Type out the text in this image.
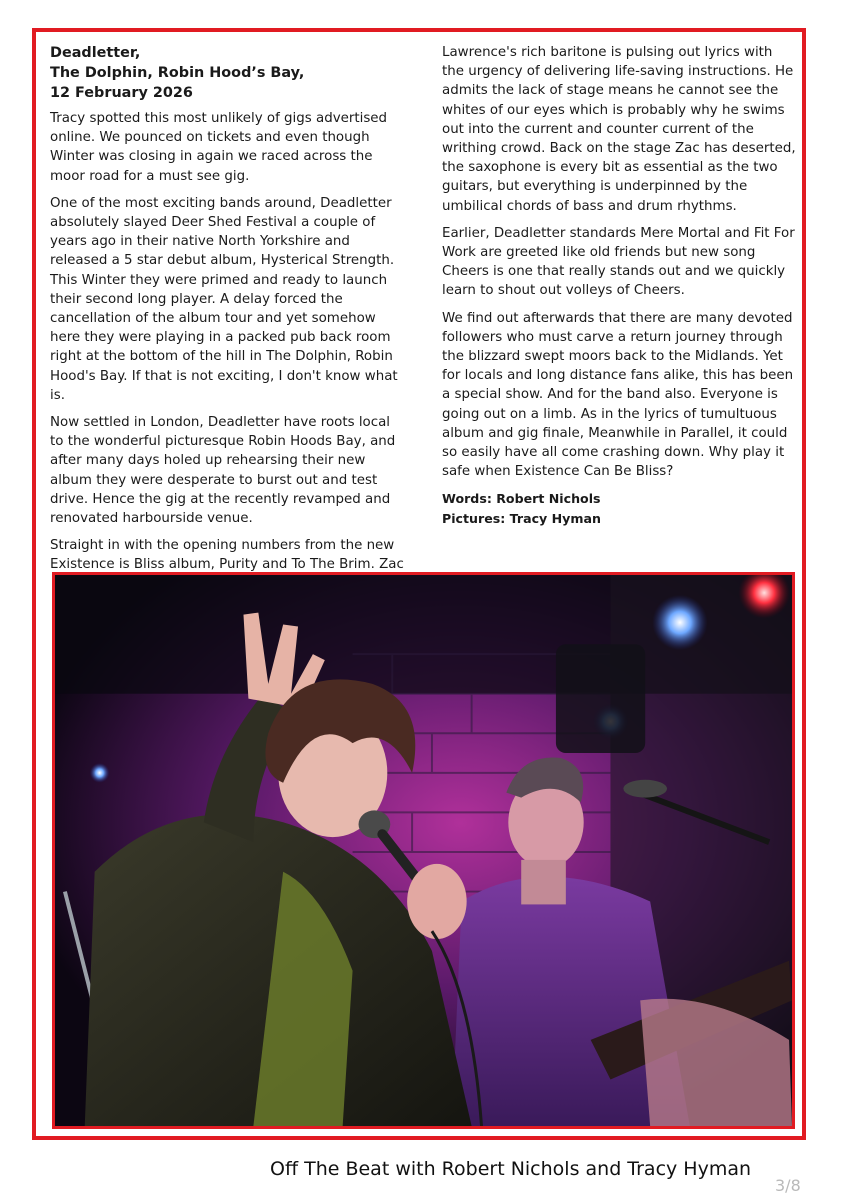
Deadletter,
The Dolphin, Robin Hood’s Bay,
12 February 2026

Tracy spotted this most unlikely of gigs advertised online. We pounced on tickets and even though Winter was closing in again we raced across the moor road for a must see gig.

One of the most exciting bands around, Deadletter absolutely slayed Deer Shed Festival a couple of years ago in their native North Yorkshire and released a 5 star debut album, Hysterical Strength. This Winter they were primed and ready to launch their second long player. A delay forced the cancellation of the album tour and yet somehow here they were playing in a packed pub back room right at the bottom of the hill in The Dolphin, Robin Hood's Bay. If that is not exciting, I don't know what is.

Now settled in London, Deadletter have roots local to the wonderful picturesque Robin Hoods Bay, and after many days holed up rehearsing their new album they were desperate to burst out and test drive. Hence the gig at the recently revamped and renovated harbourside venue.

Straight in with the opening numbers from the new Existence is Bliss album, Purity and To The Brim. Zac

Lawrence's rich baritone is pulsing out lyrics with the urgency of delivering life-saving instructions. He admits the lack of stage means he cannot see the whites of our eyes which is probably why he swims out into the current and counter current of the writhing crowd. Back on the stage Zac has deserted, the saxophone is every bit as essential as the two guitars, but everything is underpinned by the umbilical chords of bass and drum rhythms.

Earlier, Deadletter standards Mere Mortal and Fit For Work are greeted like old friends but new song Cheers is one that really stands out and we quickly learn to shout out volleys of Cheers.

We find out afterwards that there are many devoted followers who must carve a return journey through the blizzard swept moors back to the Midlands. Yet for locals and long distance fans alike, this has been a special show. And for the band also. Everyone is going out on a limb. As in the lyrics of tumultuous album and gig finale, Meanwhile in Parallel, it could so easily have all come crashing down. Why play it safe when Existence Can Be Bliss?

Words: Robert Nichols
Pictures: Tracy Hyman
Off The Beat with Robert Nichols and Tracy Hyman
3/8
